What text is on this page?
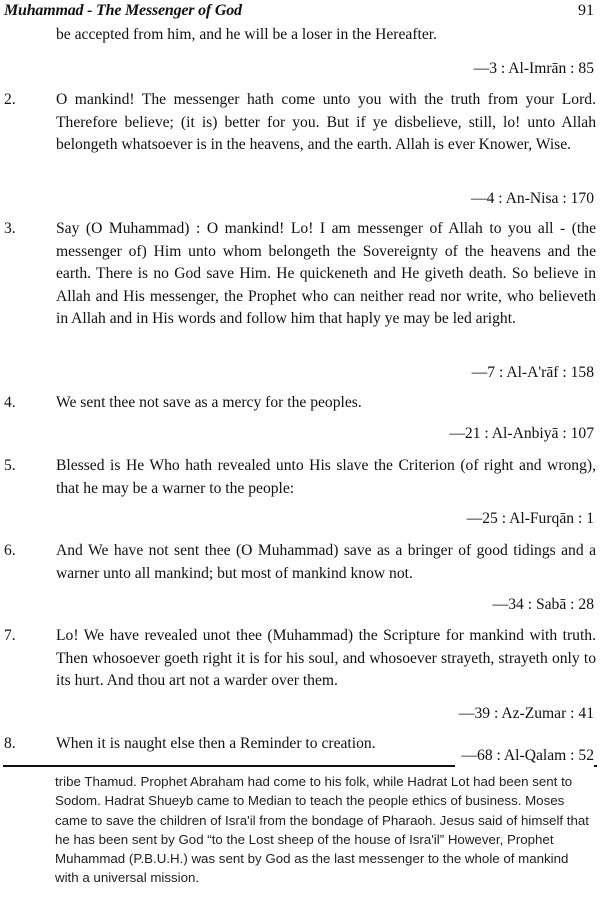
Muhammad - The Messenger of God	91
be accepted from him, and he will be a loser in the Hereafter.
—3 : Al-Imrān : 85
2.	O mankind! The messenger hath come unto you with the truth from your Lord. Therefore believe; (it is) better for you. But if ye disbelieve, still, lo! unto Allah belongeth whatsoever is in the heavens, and the earth. Allah is ever Knower, Wise.
—4 : An-Nisa : 170
3.	Say (O Muhammad) : O mankind! Lo! I am messenger of Allah to you all - (the messenger of) Him unto whom belongeth the Sovereignty of the heavens and the earth. There is no God save Him. He quickeneth and He giveth death. So believe in Allah and His messenger, the Prophet who can neither read nor write, who believeth in Allah and in His words and follow him that haply ye may be led aright.
—7 : Al-A'rāf : 158
4.	We sent thee not save as a mercy for the peoples.
—21 : Al-Anbiyā : 107
5.	Blessed is He Who hath revealed unto His slave the Criterion (of right and wrong), that he may be a warner to the people:
—25 : Al-Furqān : 1
6.	And We have not sent thee (O Muhammad) save as a bringer of good tidings and a warner unto all mankind; but most of mankind know not.
—34 : Sabā : 28
7.	Lo! We have revealed unot thee (Muhammad) the Scripture for mankind with truth. Then whosoever goeth right it is for his soul, and whosoever strayeth, strayeth only to its hurt. And thou art not a warder over them.
—39 : Az-Zumar : 41
8.	When it is naught else then a Reminder to creation.
—68 : Al-Qalam : 52
tribe Thamud. Prophet Abraham had come to his folk, while Hadrat Lot had been sent to Sodom. Hadrat Shueyb came to Median to teach the people ethics of business. Moses came to save the children of Isra'il from the bondage of Pharaoh. Jesus said of himself that he has been sent by God “to the Lost sheep of the house of Isra'il” However, Prophet Muhammad (P.B.U.H.) was sent by God as the last messenger to the whole of mankind with a universal mission.
